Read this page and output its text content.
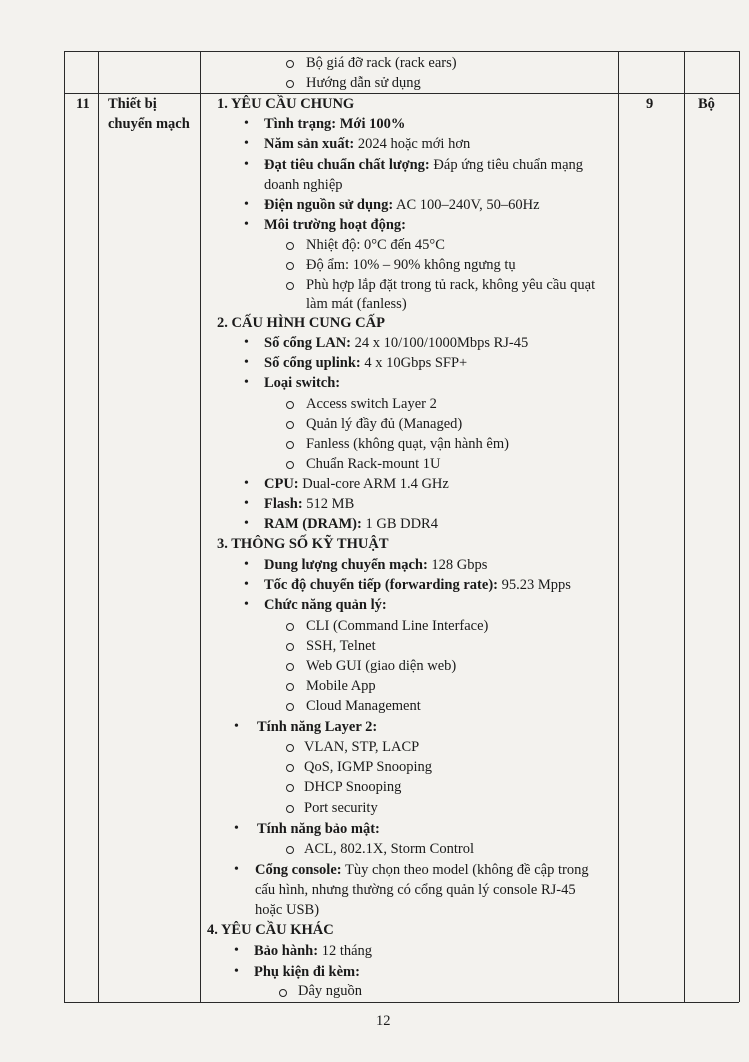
Bộ giá đỡ rack (rack ears)
Hướng dẫn sử dụng
11 Thiết bị
chuyển mạch
9	Bộ
1. YÊU CẦU CHUNG
• Tình trạng: Mới 100%
• Năm sản xuất: 2024 hoặc mới hơn
• Đạt tiêu chuẩn chất lượng: Đáp ứng tiêu chuẩn mạng
doanh nghiệp
• Điện nguồn sử dụng: AC 100–240V, 50–60Hz
• Môi trường hoạt động:
Nhiệt độ: 0°C đến 45°C
Độ ẩm: 10% – 90% không ngưng tụ
Phù hợp lắp đặt trong tủ rack, không yêu cầu quạt
làm mát (fanless)
2. CẤU HÌNH CUNG CẤP
• Số cổng LAN: 24 x 10/100/1000Mbps RJ-45
• Số cổng uplink: 4 x 10Gbps SFP+
• Loại switch:
Access switch Layer 2
Quản lý đầy đủ (Managed)
Fanless (không quạt, vận hành êm)
Chuẩn Rack-mount 1U
• CPU: Dual-core ARM 1.4 GHz
• Flash: 512 MB
• RAM (DRAM): 1 GB DDR4
3. THÔNG SỐ KỸ THUẬT
• Dung lượng chuyển mạch: 128 Gbps
• Tốc độ chuyển tiếp (forwarding rate): 95.23 Mpps
• Chức năng quản lý:
CLI (Command Line Interface)
SSH, Telnet
Web GUI (giao diện web)
Mobile App
Cloud Management
• Tính năng Layer 2:
VLAN, STP, LACP
QoS, IGMP Snooping
DHCP Snooping
Port security
• Tính năng bảo mật:
ACL, 802.1X, Storm Control
• Cổng console: Tùy chọn theo model (không đề cập trong
cấu hình, nhưng thường có cổng quản lý console RJ-45
hoặc USB)
4. YÊU CẦU KHÁC
• Bảo hành: 12 tháng
• Phụ kiện đi kèm:
Dây nguồn
12
